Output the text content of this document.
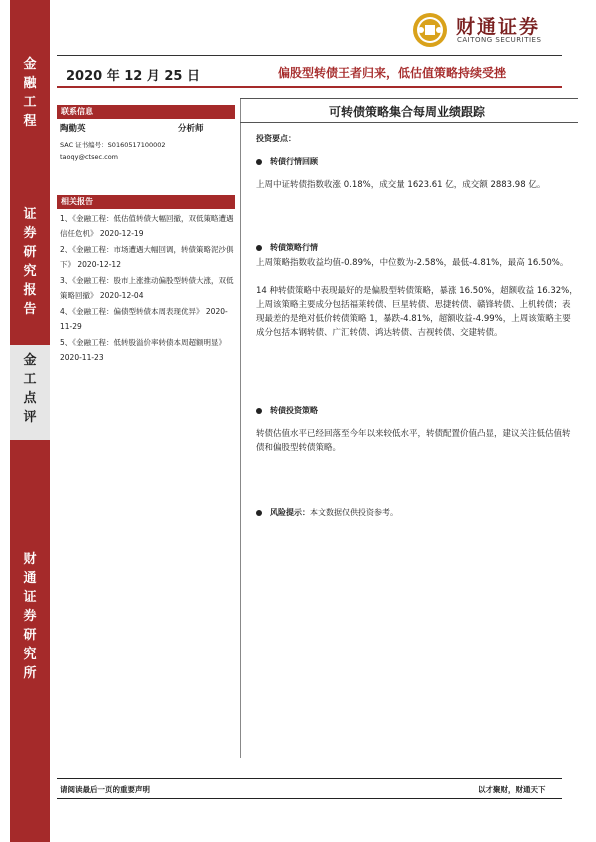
金融工程
证券研究报告
金工点评
财通证券研究所
财通证券
CAITONG SECURITIES
2020 年 12 月 25 日	偏股型转债王者归来，低估值策略持续受挫
联系信息
陶勤英	分析师
SAC 证书编号：S0160517100002
taoqy@ctsec.com
相关报告
1、《金融工程：低估值转债大幅回撤，双低策略遭遇信任危机》 2020-12-19
2、《金融工程：市场遭遇大幅回调，转债策略泥沙俱下》 2020-12-12
3、《金融工程：股市上涨推动偏股型转债大涨，双低策略回撤》 2020-12-04
4、《金融工程：偏债型转债本周表现优异》 2020-11-29
5、《金融工程：低转股溢价率转债本周超额明显》 2020-11-23
可转债策略集合每周业绩跟踪
投资要点：
转债行情回顾
上周中证转债指数收涨 0.18%，成交量 1623.61 亿，成交额 2883.98 亿。
转债策略行情
上周策略指数收益均值-0.89%，中位数为-2.58%，最低-4.81%，最高 16.50%。
14 种转债策略中表现最好的是偏股型转债策略，暴涨 16.50%，超额收益 16.32%，上周该策略主要成分包括福莱转债、巨星转债、思捷转债、赣锋转债、上机转债；表现最差的是绝对低价转债策略 1，暴跌-4.81%，超额收益-4.99%，上周该策略主要成分包括本钢转债、广汇转债、鸿达转债、吉视转债、交建转债。
转债投资策略
转债估值水平已经回落至今年以来较低水平，转债配置价值凸显，建议关注低估值转债和偏股型转债策略。
风险提示：本文数据仅供投资参考。
请阅读最后一页的重要声明	以才聚财，财通天下
